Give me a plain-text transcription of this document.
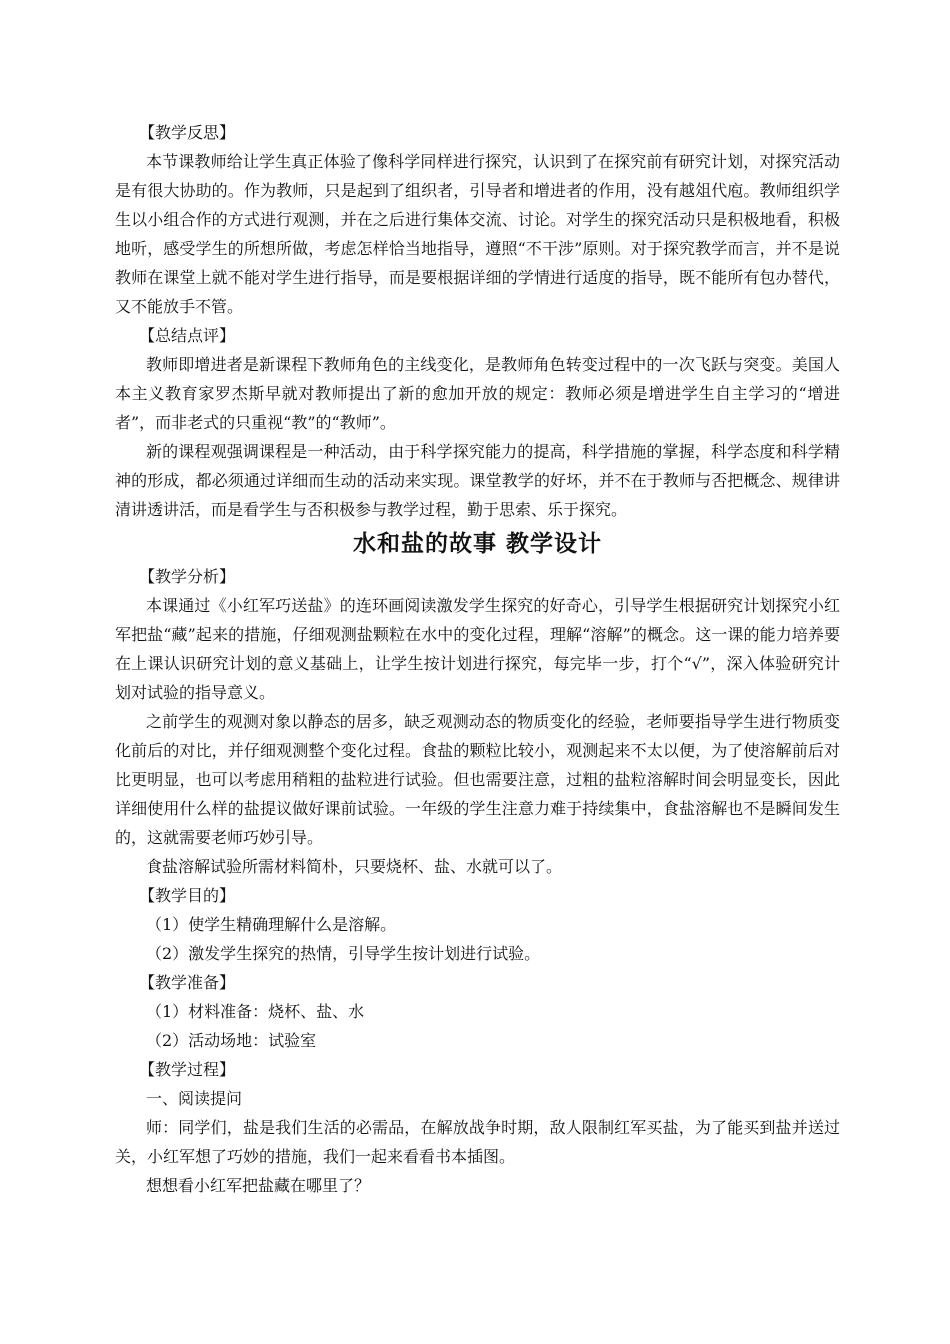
【教学反思】

本节课教师给让学生真正体验了像科学同样进行探究，认识到了在探究前有研究计划，对探究活动是有很大协助的。作为教师，只是起到了组织者，引导者和增进者的作用，没有越俎代庖。教师组织学生以小组合作的方式进行观测，并在之后进行集体交流、讨论。对学生的探究活动只是积极地看，积极地听，感受学生的所想所做，考虑怎样恰当地指导，遵照“不干涉”原则。对于探究教学而言，并不是说教师在课堂上就不能对学生进行指导，而是要根据详细的学情进行适度的指导，既不能所有包办替代，又不能放手不管。

【总结点评】

教师即增进者是新课程下教师角色的主线变化，是教师角色转变过程中的一次飞跃与突变。美国人本主义教育家罗杰斯早就对教师提出了新的愈加开放的规定：教师必须是增进学生自主学习的“增进者”，而非老式的只重视“教”的“教师”。

新的课程观强调课程是一种活动，由于科学探究能力的提高，科学措施的掌握，科学态度和科学精神的形成，都必须通过详细而生动的活动来实现。课堂教学的好坏，并不在于教师与否把概念、规律讲清讲透讲活，而是看学生与否积极参与教学过程，勤于思索、乐于探究。

水和盐的故事 教学设计

【教学分析】

本课通过《小红军巧送盐》的连环画阅读激发学生探究的好奇心，引导学生根据研究计划探究小红军把盐“藏”起来的措施，仔细观测盐颗粒在水中的变化过程，理解“溶解”的概念。这一课的能力培养要在上课认识研究计划的意义基础上，让学生按计划进行探究，每完毕一步，打个“√”，深入体验研究计划对试验的指导意义。

之前学生的观测对象以静态的居多，缺乏观测动态的物质变化的经验，老师要指导学生进行物质变化前后的对比，并仔细观测整个变化过程。食盐的颗粒比较小，观测起来不太以便，为了使溶解前后对比更明显，也可以考虑用稍粗的盐粒进行试验。但也需要注意，过粗的盐粒溶解时间会明显变长，因此详细使用什么样的盐提议做好课前试验。一年级的学生注意力难于持续集中，食盐溶解也不是瞬间发生的，这就需要老师巧妙引导。

食盐溶解试验所需材料简朴，只要烧杯、盐、水就可以了。

【教学目的】

（1）使学生精确理解什么是溶解。

（2）激发学生探究的热情，引导学生按计划进行试验。

【教学准备】

（1）材料准备：烧杯、盐、水

（2）活动场地：试验室

【教学过程】

一、阅读提问

师：同学们，盐是我们生活的必需品，在解放战争时期，敌人限制红军买盐，为了能买到盐并送过关，小红军想了巧妙的措施，我们一起来看看书本插图。

想想看小红军把盐藏在哪里了？
